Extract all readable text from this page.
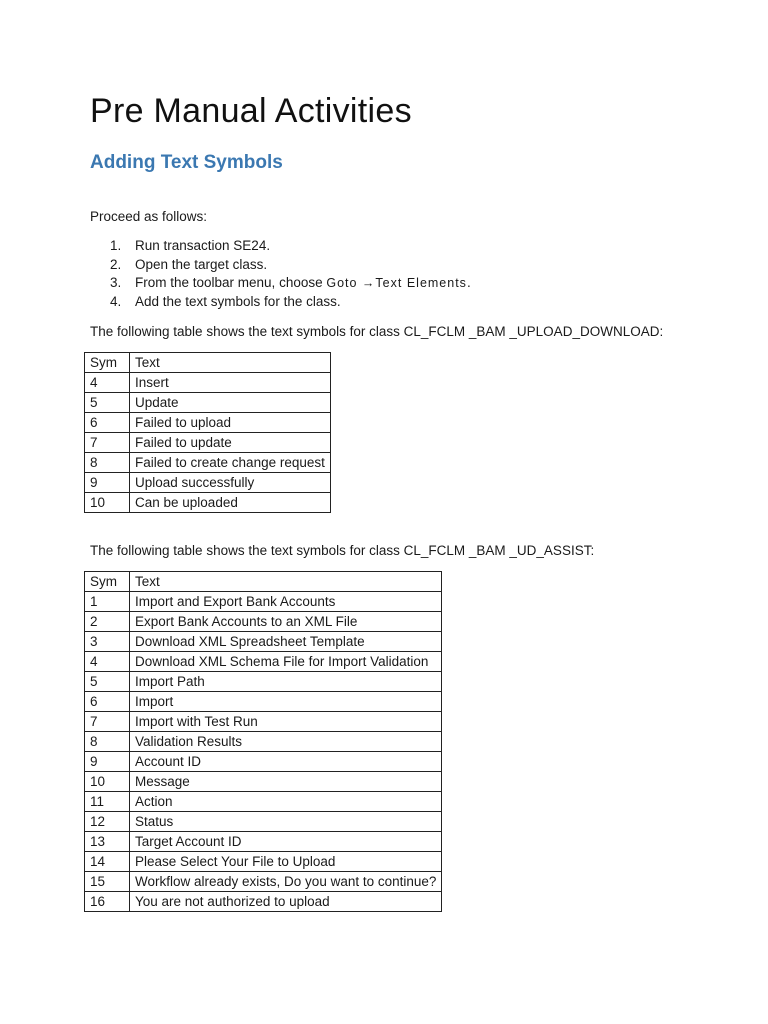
Pre Manual Activities
Adding Text Symbols

Proceed as follows:

1. Run transaction SE24.
2. Open the target class.
3. From the toolbar menu, choose Goto →Text Elements.
4. Add the text symbols for the class.

The following table shows the text symbols for class CL_FCLM _BAM _UPLOAD_DOWNLOAD:

Sym	Text
4	Insert
5	Update
6	Failed to upload
7	Failed to update
8	Failed to create change request
9	Upload successfully
10	Can be uploaded

The following table shows the text symbols for class CL_FCLM _BAM _UD_ASSIST:

Sym	Text
1	Import and Export Bank Accounts
2	Export Bank Accounts to an XML File
3	Download XML Spreadsheet Template
4	Download XML Schema File for Import Validation
5	Import Path
6	Import
7	Import with Test Run
8	Validation Results
9	Account ID
10	Message
11	Action
12	Status
13	Target Account ID
14	Please Select Your File to Upload
15	Workflow already exists, Do you want to continue?
16	You are not authorized to upload
